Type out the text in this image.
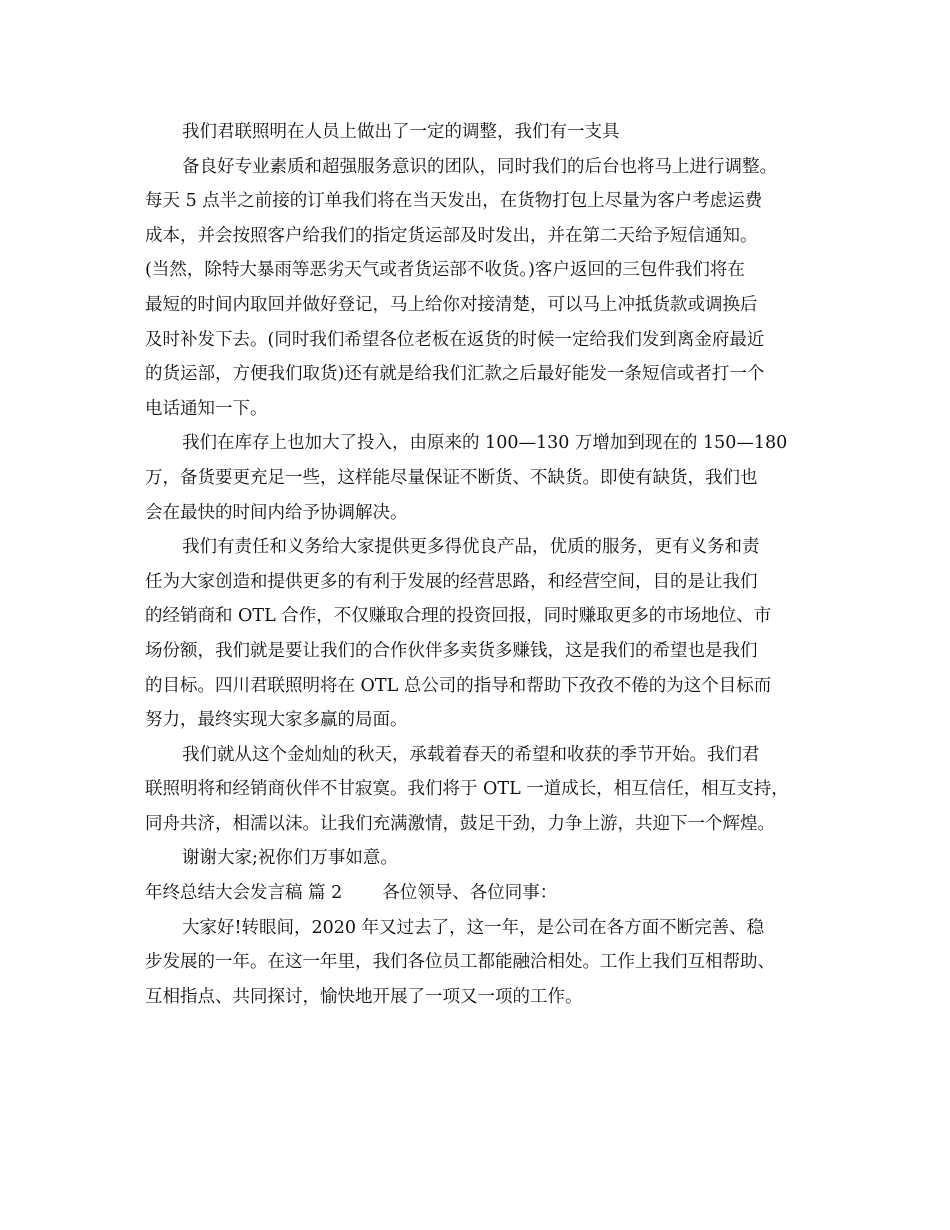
我们君联照明在人员上做出了一定的调整，我们有一支具
备良好专业素质和超强服务意识的团队，同时我们的后台也将马上进行调整。
每天 5 点半之前接的订单我们将在当天发出，在货物打包上尽量为客户考虑运费
成本，并会按照客户给我们的指定货运部及时发出，并在第二天给予短信通知。
(当然，除特大暴雨等恶劣天气或者货运部不收货。)客户返回的三包件我们将在
最短的时间内取回并做好登记，马上给你对接清楚，可以马上冲抵货款或调换后
及时补发下去。(同时我们希望各位老板在返货的时候一定给我们发到离金府最近
的货运部，方便我们取货)还有就是给我们汇款之后最好能发一条短信或者打一个
电话通知一下。
我们在库存上也加大了投入，由原来的 100—130 万增加到现在的 150—180
万，备货要更充足一些，这样能尽量保证不断货、不缺货。即使有缺货，我们也
会在最快的时间内给予协调解决。
我们有责任和义务给大家提供更多得优良产品，优质的服务，更有义务和责
任为大家创造和提供更多的有利于发展的经营思路，和经营空间，目的是让我们
的经销商和 OTL 合作，不仅赚取合理的投资回报，同时赚取更多的市场地位、市
场份额，我们就是要让我们的合作伙伴多卖货多赚钱，这是我们的希望也是我们
的目标。四川君联照明将在 OTL 总公司的指导和帮助下孜孜不倦的为这个目标而
努力，最终实现大家多赢的局面。
我们就从这个金灿灿的秋天，承载着春天的希望和收获的季节开始。我们君
联照明将和经销商伙伴不甘寂寞。我们将于 OTL 一道成长，相互信任，相互支持，
同舟共济，相濡以沫。让我们充满激情，鼓足干劲，力争上游，共迎下一个辉煌。
谢谢大家;祝你们万事如意。
年终总结大会发言稿 篇 2 各位领导、各位同事：
大家好!转眼间，2020 年又过去了，这一年，是公司在各方面不断完善、稳
步发展的一年。在这一年里，我们各位员工都能融洽相处。工作上我们互相帮助、
互相指点、共同探讨，愉快地开展了一项又一项的工作。
